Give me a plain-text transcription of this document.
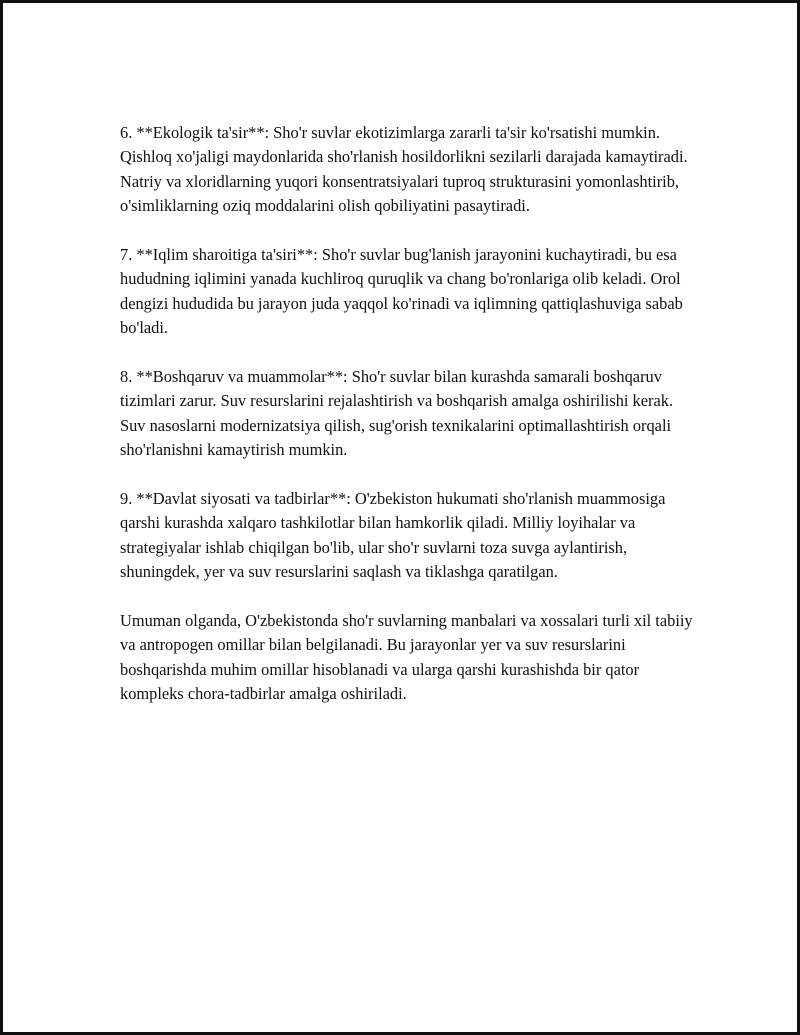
6. **Ekologik ta'sir**: Sho'r suvlar ekotizimlarga zararli ta'sir ko'rsatishi mumkin. Qishloq xo'jaligi maydonlarida sho'rlanish hosildorlikni sezilarli darajada kamaytiradi. Natriy va xloridlarning yuqori konsentratsiyalari tuproq strukturasini yomonlashtirib, o'simliklarning oziq moddalarini olish qobiliyatini pasaytiradi.

7. **Iqlim sharoitiga ta'siri**: Sho'r suvlar bug'lanish jarayonini kuchaytiradi, bu esa hududning iqlimini yanada kuchliroq quruqlik va chang bo'ronlariga olib keladi. Orol dengizi hududida bu jarayon juda yaqqol ko'rinadi va iqlimning qattiqlashuviga sabab bo'ladi.

8. **Boshqaruv va muammolar**: Sho'r suvlar bilan kurashda samarali boshqaruv tizimlari zarur. Suv resurslarini rejalashtirish va boshqarish amalga oshirilishi kerak. Suv nasoslarni modernizatsiya qilish, sug'orish texnikalarini optimallashtirish orqali sho'rlanishni kamaytirish mumkin.

9. **Davlat siyosati va tadbirlar**: O'zbekiston hukumati sho'rlanish muammosiga qarshi kurashda xalqaro tashkilotlar bilan hamkorlik qiladi. Milliy loyihalar va strategiyalar ishlab chiqilgan bo'lib, ular sho'r suvlarni toza suvga aylantirish, shuningdek, yer va suv resurslarini saqlash va tiklashga qaratilgan.

Umuman olganda, O'zbekistonda sho'r suvlarning manbalari va xossalari turli xil tabiiy va antropogen omillar bilan belgilanadi. Bu jarayonlar yer va suv resurslarini boshqarishda muhim omillar hisoblanadi va ularga qarshi kurashishda bir qator kompleks chora-tadbirlar amalga oshiriladi.
